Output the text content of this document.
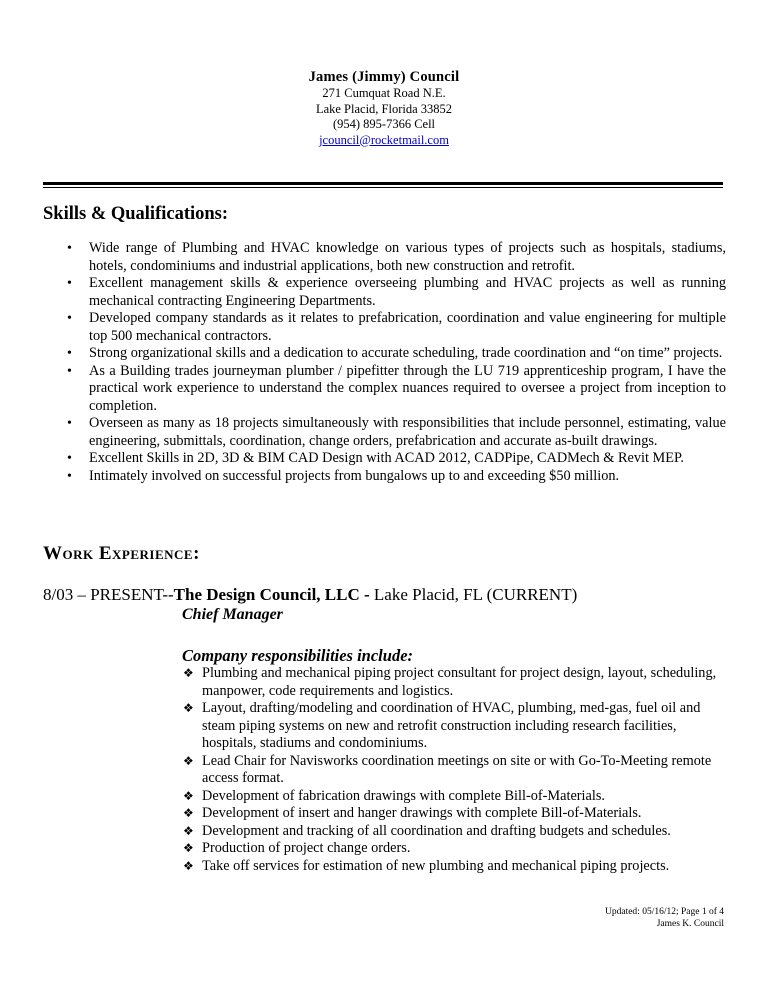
James (Jimmy) Council
271 Cumquat Road N.E.
Lake Placid, Florida 33852
(954) 895-7366 Cell
jcouncil@rocketmail.com
Skills & Qualifications:
• Wide range of Plumbing and HVAC knowledge on various types of projects such as hospitals, stadiums, hotels, condominiums and industrial applications, both new construction and retrofit.
• Excellent management skills & experience overseeing plumbing and HVAC projects as well as running mechanical contracting Engineering Departments.
• Developed company standards as it relates to prefabrication, coordination and value engineering for multiple top 500 mechanical contractors.
• Strong organizational skills and a dedication to accurate scheduling, trade coordination and “on time” projects.
• As a Building trades journeyman plumber / pipefitter through the LU 719 apprenticeship program, I have the practical work experience to understand the complex nuances required to oversee a project from inception to completion.
• Overseen as many as 18 projects simultaneously with responsibilities that include personnel, estimating, value engineering, submittals, coordination, change orders, prefabrication and accurate as-built drawings.
• Excellent Skills in 2D, 3D & BIM CAD Design with ACAD 2012, CADPipe, CADMech & Revit MEP.
• Intimately involved on successful projects from bungalows up to and exceeding $50 million.
Work Experience:
8/03 – PRESENT--The Design Council, LLC - Lake Placid, FL (CURRENT)
Chief Manager
Company responsibilities include:
❖ Plumbing and mechanical piping project consultant for project design, layout, scheduling, manpower, code requirements and logistics.
❖ Layout, drafting/modeling and coordination of HVAC, plumbing, med-gas, fuel oil and steam piping systems on new and retrofit construction including research facilities, hospitals, stadiums and condominiums.
❖ Lead Chair for Navisworks coordination meetings on site or with Go-To-Meeting remote access format.
❖ Development of fabrication drawings with complete Bill-of-Materials.
❖ Development of insert and hanger drawings with complete Bill-of-Materials.
❖ Development and tracking of all coordination and drafting budgets and schedules.
❖ Production of project change orders.
❖ Take off services for estimation of new plumbing and mechanical piping projects.
Updated: 05/16/12; Page 1 of 4
James K. Council
